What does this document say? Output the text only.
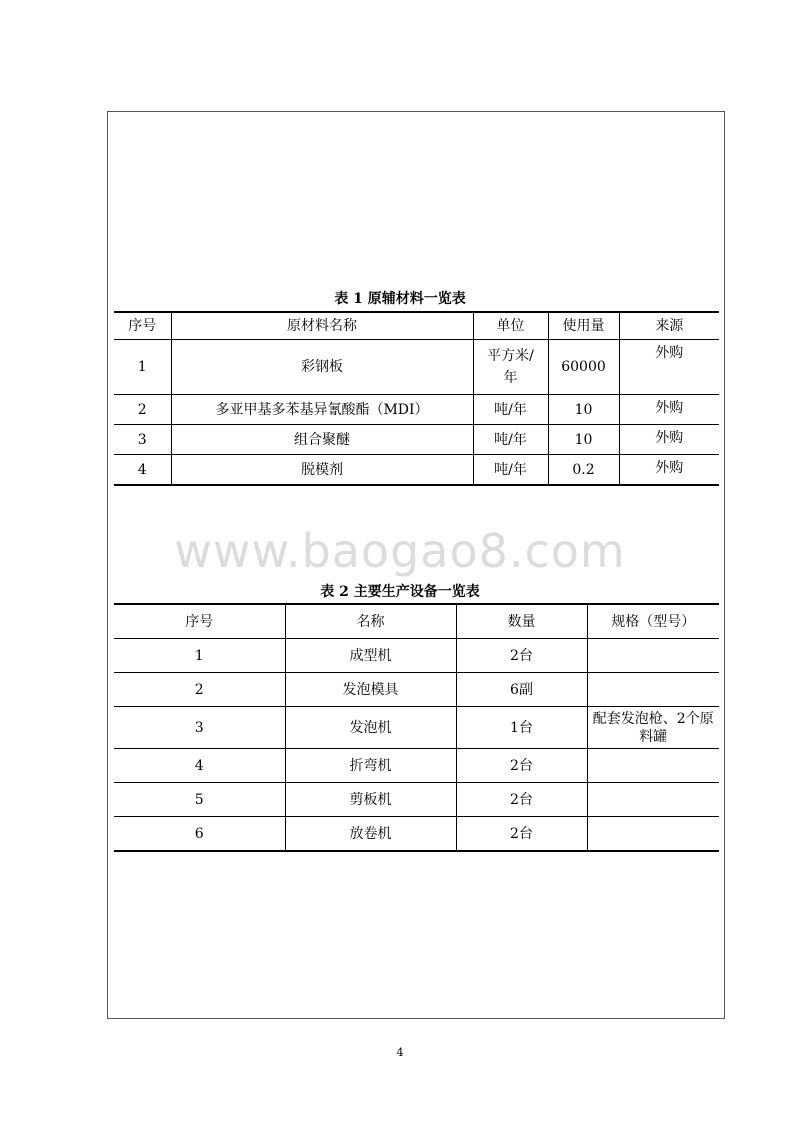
表 1 原辅材料一览表
序号	原材料名称	单位	使用量	来源
1	彩钢板	平方米/年	60000	外购
2	多亚甲基多苯基异氰酸酯（MDI）	吨/年	10	外购
3	组合聚醚	吨/年	10	外购
4	脱模剂	吨/年	0.2	外购
www.baogao8.com
表 2 主要生产设备一览表
序号	名称	数量	规格（型号）
1	成型机	2台	
2	发泡模具	6副	
3	发泡机	1台	配套发泡枪、2个原料罐

4	折弯机	2台	
5	剪板机	2台	
6	放卷机	2台	
4
